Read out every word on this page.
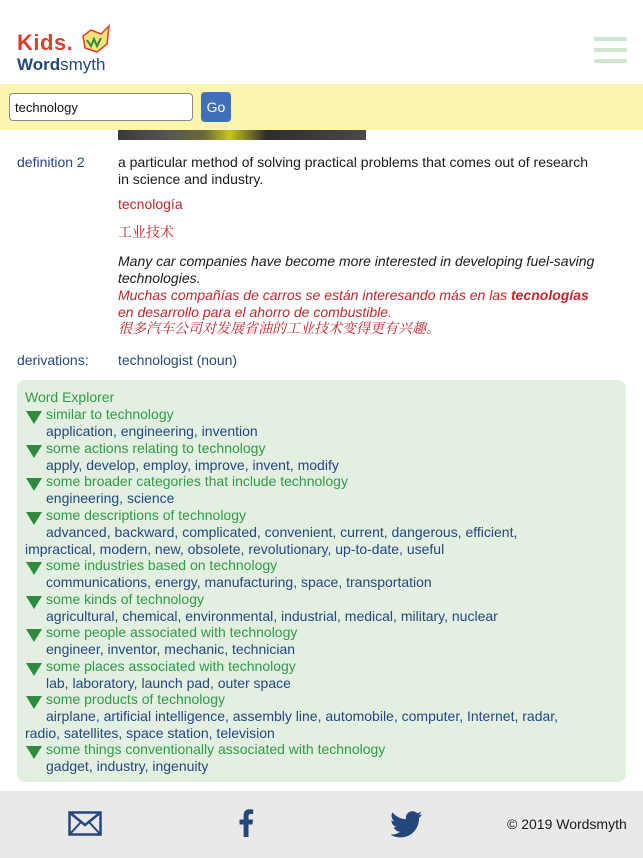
Kids.
Wordsmyth
technology
Go
definition 2 a particular method of solving practical problems that comes out of research in science and industry.
tecnología
工业技术
Many car companies have become more interested in developing fuel-saving technologies.
Muchas compañías de carros se están interesando más en las tecnologías en desarrollo para el ahorro de combustible.
很多汽车公司对发展省油的工业技术变得更有兴趣。
derivations: technologist (noun)
Word Explorer
similar to technology
application, engineering, invention
some actions relating to technology
apply, develop, employ, improve, invent, modify
some broader categories that include technology
engineering, science
some descriptions of technology
advanced, backward, complicated, convenient, current, dangerous, efficient, impractical, modern, new, obsolete, revolutionary, up-to-date, useful
some industries based on technology
communications, energy, manufacturing, space, transportation
some kinds of technology
agricultural, chemical, environmental, industrial, medical, military, nuclear
some people associated with technology
engineer, inventor, mechanic, technician
some places associated with technology
lab, laboratory, launch pad, outer space
some products of technology
airplane, artificial intelligence, assembly line, automobile, computer, Internet, radar, radio, satellites, space station, television
some things conventionally associated with technology
gadget, industry, ingenuity
© 2019 Wordsmyth
